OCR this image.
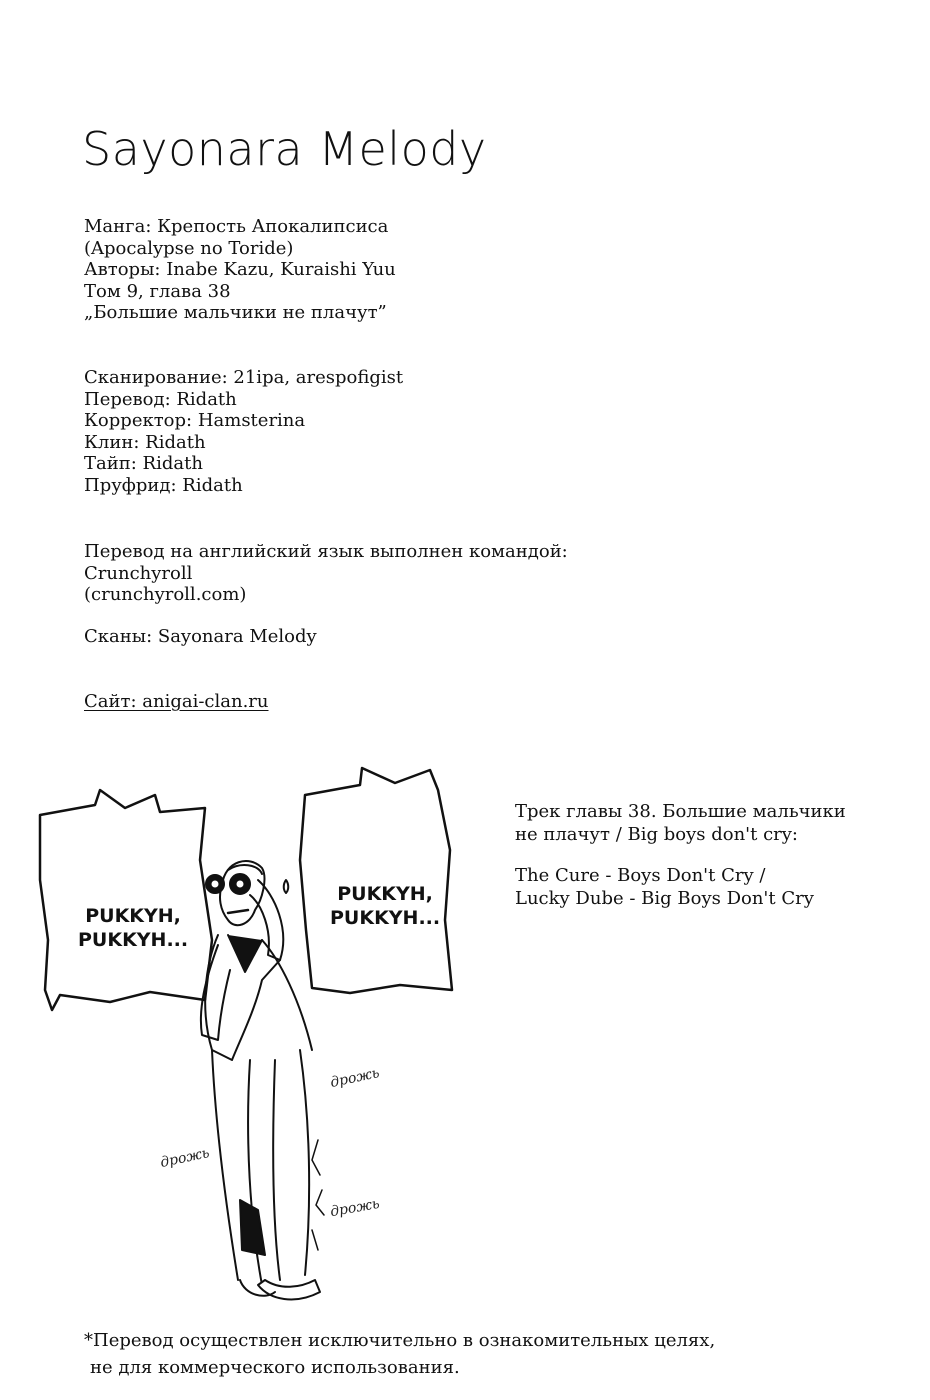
Sayonara Melody
Манга: Крепость Апокалипсиса
(Apocalypse no Toride)
Авторы: Inabe Kazu, Kuraishi Yuu
Том 9, глава 38
„Большие мальчики не плачут”
Сканирование: 21ipa, arespofigist
Перевод: Ridath
Корректор: Hamsterina
Клин: Ridath
Тайп: Ridath
Пруфрид: Ridath
Перевод на английский язык выполнен командой:
Crunchyroll
(crunchyroll.com)
Сканы: Sayonara Melody
Сайт: anigai-clan.ru
Трек главы 38. Большие мальчики
не плачут / Big boys don't cry:
The Cure - Boys Don't Cry /
Lucky Dube - Big Boys Don't Cry
PUKKYH,
PUKKYH...
PUKKYH,
PUKKYH...
дрожь
дрожь
дрожь
*Перевод осуществлен исключительно в ознакомительных целях,
не для коммерческого использования.
